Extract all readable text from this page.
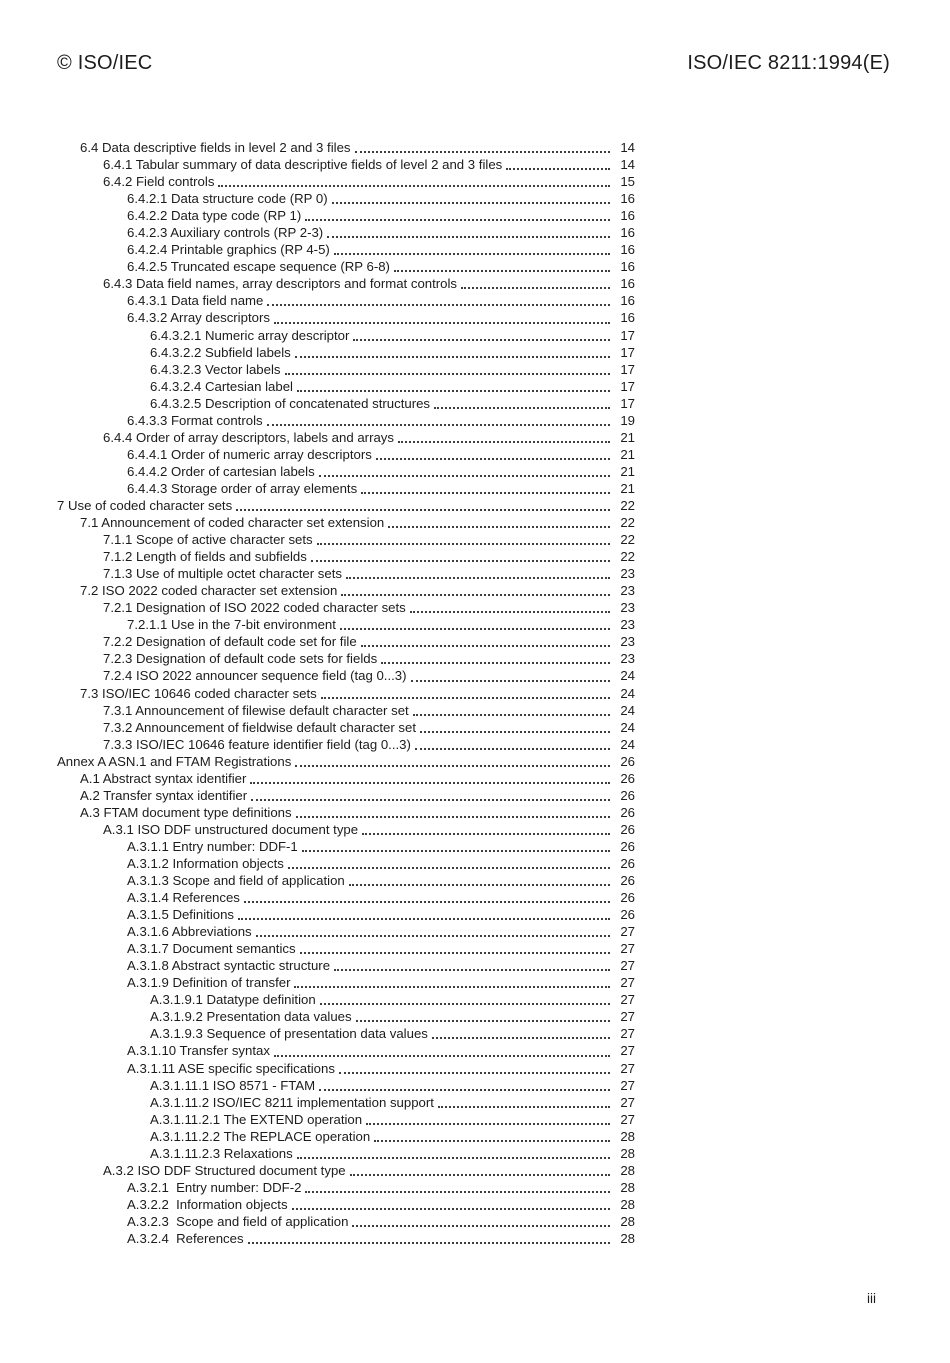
© ISO/IEC	ISO/IEC 8211:1994(E)
6.4 Data descriptive fields in level 2 and 3 files	14
6.4.1 Tabular summary of data descriptive fields of level 2 and 3 files	14
6.4.2 Field controls	15
6.4.2.1 Data structure code (RP 0)	16
6.4.2.2 Data type code (RP 1)	16
6.4.2.3 Auxiliary controls (RP 2-3)	16
6.4.2.4 Printable graphics (RP 4-5)	16
6.4.2.5 Truncated escape sequence (RP 6-8)	16
6.4.3 Data field names, array descriptors and format controls	16
6.4.3.1 Data field name	16
6.4.3.2 Array descriptors	16
6.4.3.2.1 Numeric array descriptor	17
6.4.3.2.2 Subfield labels	17
6.4.3.2.3 Vector labels	17
6.4.3.2.4 Cartesian label	17
6.4.3.2.5 Description of concatenated structures	17
6.4.3.3 Format controls	19
6.4.4 Order of array descriptors, labels and arrays	21
6.4.4.1 Order of numeric array descriptors	21
6.4.4.2 Order of cartesian labels	21
6.4.4.3 Storage order of array elements	21
7 Use of coded character sets	22
7.1 Announcement of coded character set extension	22
7.1.1 Scope of active character sets	22
7.1.2 Length of fields and subfields	22
7.1.3 Use of multiple octet character sets	23
7.2 ISO 2022 coded character set extension	23
7.2.1 Designation of ISO 2022 coded character sets	23
7.2.1.1 Use in the 7-bit environment	23
7.2.2 Designation of default code set for file	23
7.2.3 Designation of default code sets for fields	23
7.2.4 ISO 2022 announcer sequence field (tag 0...3)	24
7.3 ISO/IEC 10646 coded character sets	24
7.3.1 Announcement of filewise default character set	24
7.3.2 Announcement of fieldwise default character set	24
7.3.3 ISO/IEC 10646 feature identifier field (tag 0...3)	24
Annex A ASN.1 and FTAM Registrations	26
A.1 Abstract syntax identifier	26
A.2 Transfer syntax identifier	26
A.3 FTAM document type definitions	26
A.3.1 ISO DDF unstructured document type	26
A.3.1.1 Entry number: DDF-1	26
A.3.1.2 Information objects	26
A.3.1.3 Scope and field of application	26
A.3.1.4 References	26
A.3.1.5 Definitions	26
A.3.1.6 Abbreviations	27
A.3.1.7 Document semantics	27
A.3.1.8 Abstract syntactic structure	27
A.3.1.9 Definition of transfer	27
A.3.1.9.1 Datatype definition	27
A.3.1.9.2 Presentation data values	27
A.3.1.9.3 Sequence of presentation data values	27
A.3.1.10 Transfer syntax	27
A.3.1.11 ASE specific specifications	27
A.3.1.11.1 ISO 8571 - FTAM	27
A.3.1.11.2 ISO/IEC 8211 implementation support	27
A.3.1.11.2.1 The EXTEND operation	27
A.3.1.11.2.2 The REPLACE operation	28
A.3.1.11.2.3 Relaxations	28
A.3.2 ISO DDF Structured document type	28
A.3.2.1  Entry number: DDF-2	28
A.3.2.2  Information objects	28
A.3.2.3  Scope and field of application	28
A.3.2.4  References	28
iii
